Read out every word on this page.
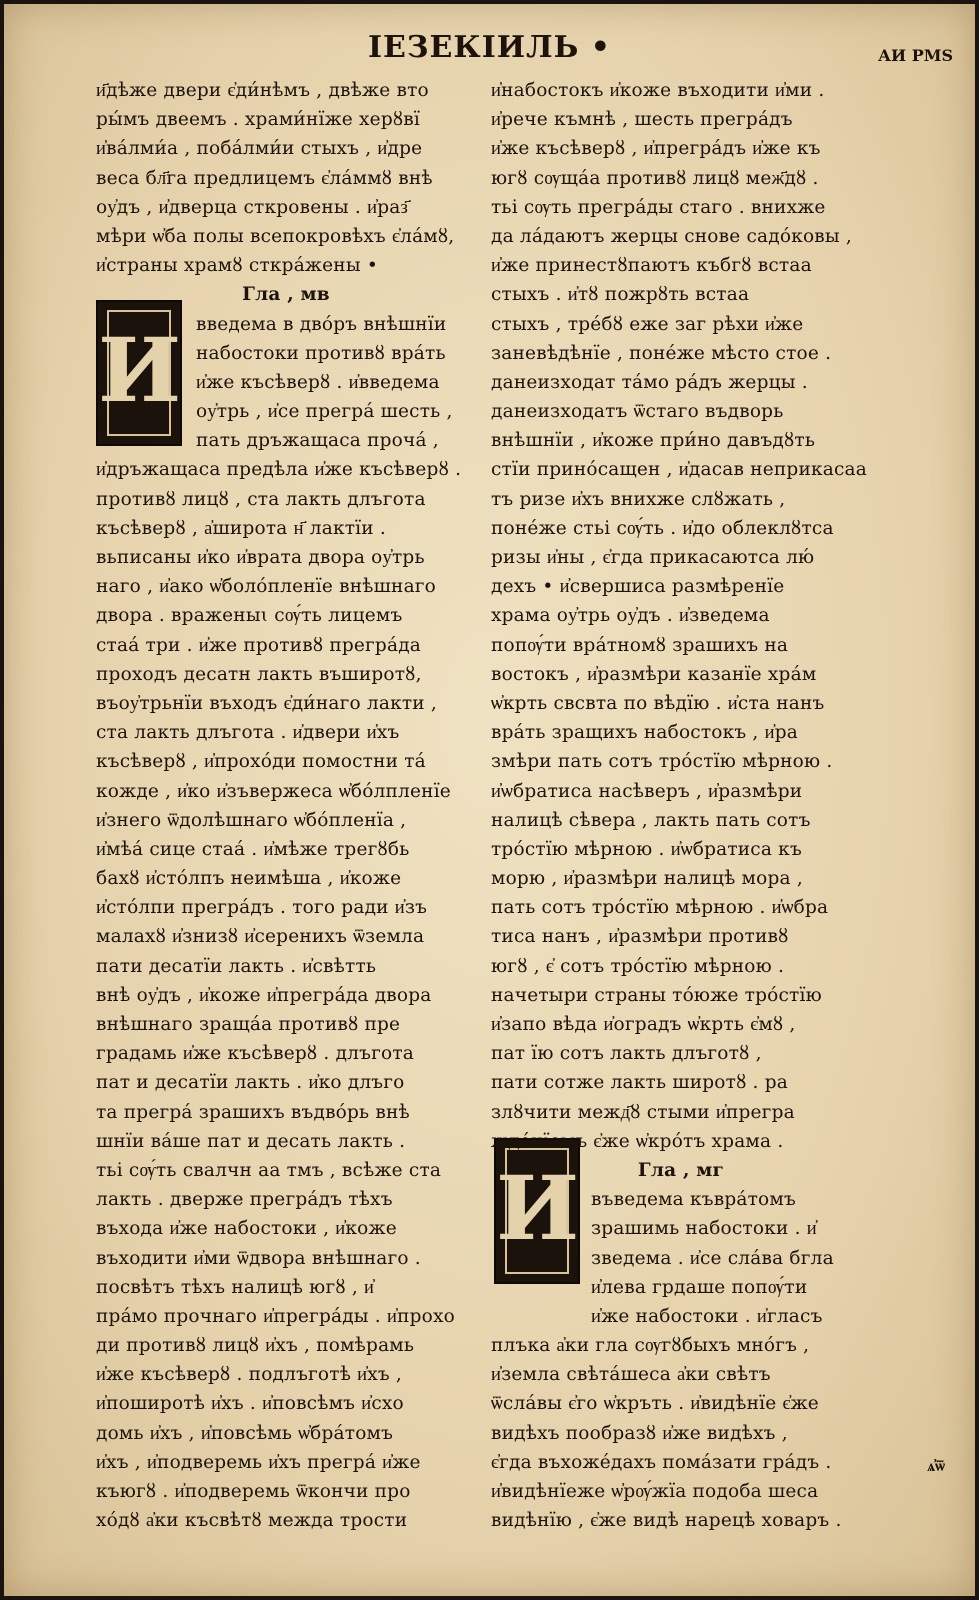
ІЕЗЕКІИЛЬ •	АИ РМЅ
И
И
и҃дѣже двери є҆ди́нѣмъ , двѣже вто
ры́мъ двеемъ . храми́нїже херȣвї
и҆ва́лми́а , поба́лми́и стыхъ , и҆дре
веса бл҃га предлицемъ є҆ла́ммȣ внѣ
оу҆дъ , и҆дверца сткровены . и҆раз҃
мѣри ѡ҆ба полы всепокровѣхъ є҆ла́мȣ,
и҆страны храмȣ сткра́жены •
Гла , мв
введема в дво́ръ внѣшнїи
набостоки противȣ вра́ть
и҆же късѣверȣ . и҆введема
оу҆трь , и҆се прегра́ шесть ,
пать дръжащаса проча́ ,
и҆дръжащаса предѣла и҆же късѣверȣ .
противȣ лицȣ , ста лакть длъгота
късѣверȣ , а҆широта н҃ лактїи .
вьписаны и҆ко и҆врата двора оу҆трь
наго , и҆ако ѡ҆боло́пленїе внѣшнаго
двора . враженыꙇ сѹ́ть лицемъ
стаа́ три . и҆же противȣ прегра́да
проходъ десатн лакть въширотȣ,
въоу҆трьнїи въходъ є҆ди́наго лакти ,
ста лакть длъгота . и҆двери и҆хъ
късѣверȣ , и҆прохо́ди помостни та́
кожде , и҆ко и҆зъвержеса ѡ҆бо́лпленїе
и҆знего ѿдолѣшнаго ѡ҆бо́пленїа ,
и҆мѣа́ сице стаа́ . и҆мѣже трегȣбь
бахȣ и҆сто́лпъ неимѣша , и҆коже
и҆сто́лпи прегра́дъ . того ради и҆зъ
малахȣ и҆знизȣ и҆серенихъ ѿземла
пати десатїи лакть . и҆свѣтть
внѣ оу҆дъ , и҆коже и҆прегра́да двора
внѣшнаго зраща́а противȣ пре
градамь и҆же късѣверȣ . длъгота
пат и десатїи лакть . и҆ко длъго
та прегра́ зрашихъ въдво́рь внѣ
шнїи ва́ше пат и десать лакть .
тьі сѹ́ть свалчн аа тмъ , всѣже ста
лакть . дверже прегра́дъ тѣхъ
въхода и҆же набостоки , и҆коже
въходити и҆ми ѿдвора внѣшнаго .
посвѣтъ тѣхъ налицѣ югȣ , и҆
пра́мо прочнаго и҆прегра́ды . и҆прохо
ди противȣ лицȣ и҆хъ , помѣрамь
и҆же късѣверȣ . подлъготѣ и҆хъ ,
и҆поширотѣ и҆хъ . и҆повсѣмъ и҆схо
домь и҆хъ , и҆повсѣмь ѡ҆бра́томъ
и҆хъ , и҆подверемь и҆хъ прегра́ и҆же
къюгȣ . и҆подверемь ѿкончи про
хо́дȣ а҆ки късвѣтȣ межда трости
и҆набостокъ и҆коже въходити и҆ми .
и҆рече къмнѣ , шесть прегра́дъ
и҆же късѣверȣ , и҆прегра́дъ и҆же къ
югȣ сѹща́а противȣ лицȣ меж҃дȣ .
тьі сѹть прегра́ды стаго . внихже
да ла́даютъ жерцы снове садо́ковы ,
и҆же принестȣпаютъ къбгȣ встаа
стыхъ . и҆тȣ пожрȣть встаа
стыхъ , тре́бȣ еже заг рѣхи и҆же
заневѣдѣнїе , поне́же мѣсто стое .
данеизходат та́мо ра́дъ жерцы .
данеизходатъ ѿстаго въдворь
внѣшнїи , и҆коже при́но давъдȣть
стїи прино́сащен , и҆дасав неприкасаа
тъ ризе и҆хъ внихже слȣжать ,
поне́же стьі сѹ́ть . и҆до облеклȣтса
ризы и҆ны , є҆гда прикасаютса лю́
дехъ • и҆свершиса размѣренїе
храма оу҆трь оу҆дъ . и҆зведема
попѹ́ти вра́тномȣ зрашихъ на
востокъ , и҆размѣри казанїе хра́м
ѡ҆крть свсвта по вѣдїю . и҆ста нанъ
вра́ть зращихъ набостокъ , и҆ра
змѣри пать сотъ тро́стїю мѣрною .
и҆ѡбратиса насѣверъ , и҆размѣри
налицѣ сѣвера , лакть пать сотъ
тро́стїю мѣрною . и҆ѡбратиса къ
морю , и҆размѣри налицѣ мора ,
пать сотъ тро́стїю мѣрною . и҆ѡбра
тиса нанъ , и҆размѣри противȣ
югȣ , є҆ сотъ тро́стїю мѣрною .
начетыри страны то́юже тро́стїю
и҆запо вѣда и҆оградъ ѡ҆крть є҆мȣ ,
пат їю сотъ лакть длъготȣ ,
пати сотже лакть широтȣ . ра
злȣчити межд҃ȣ стыми и҆прегра
жде́нїемъ є҆же ѡ҆кро́тъ храма .
Гла , мг
въведема къвра́томъ
зрашимь набостоки . и҆
зведема . и҆се сла́ва бгла
и҆лева грдаше попѹ́ти
и҆же набостоки . и҆гласъ
плъка а҆ки гла сѹгȣбыхъ мно́гъ ,
и҆земла свѣта́шеса а҆ки свѣтъ
ѿсла́вы є҆го ѡ҆кръть . и҆видѣнїе є҆же
видѣхъ пообразȣ и҆же видѣхъ ,
є҆гда въхоже́дахъ пома́зати гра́дъ .
и҆видѣнїеже ѡ҆рѹ́жїа подоба шеса
видѣнїю , є҆же видѣ нарецѣ ховаръ .
ѧ҆ѿ
